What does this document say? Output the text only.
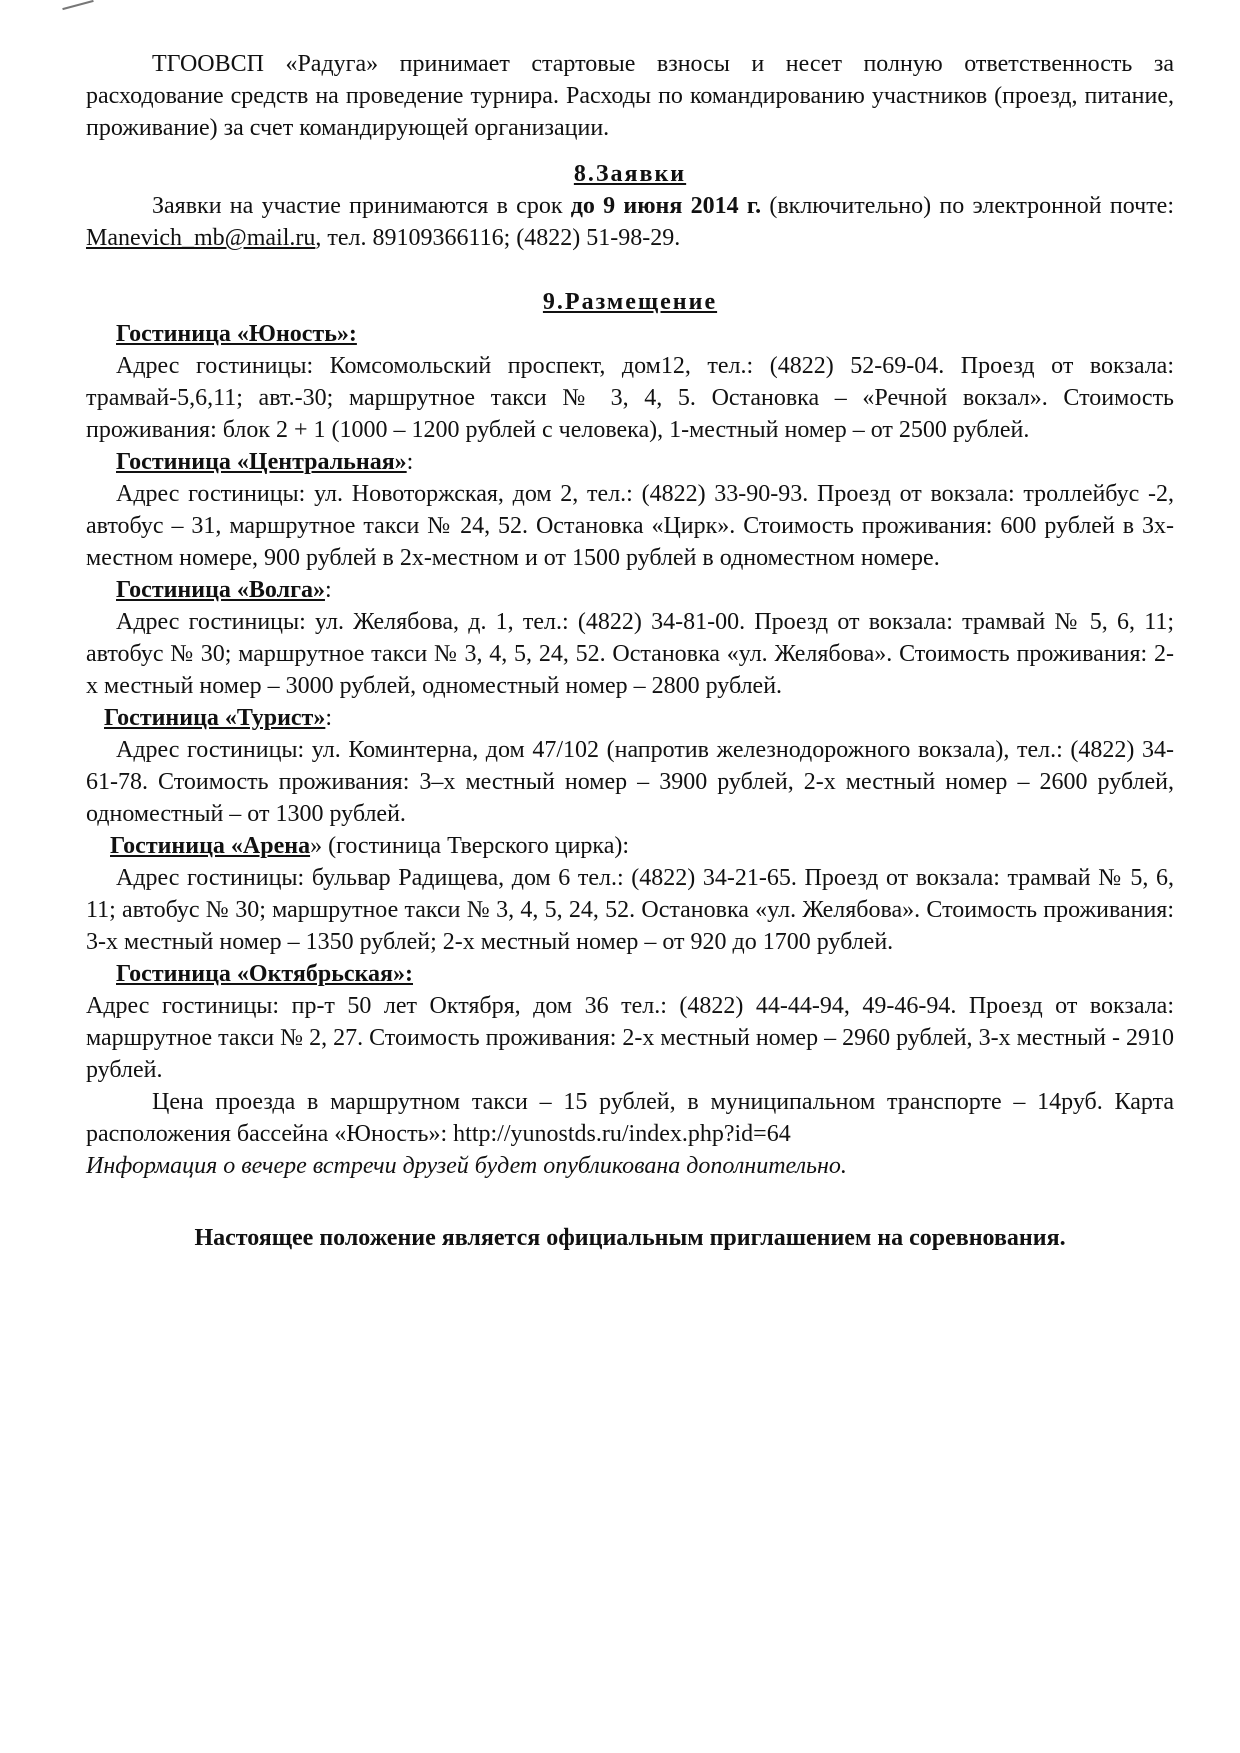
ТГООВСП «Радуга» принимает стартовые взносы и несет полную ответственность за расходование средств на проведение турнира. Расходы по командированию участников (проезд, питание, проживание) за счет командирующей организации.

8.Заявки

Заявки на участие принимаются в срок до 9 июня 2014 г. (включительно) по электронной почте: Manevich_mb@mail.ru, тел. 89109366116; (4822) 51-98-29.

9.Размещение
Гостиница «Юность»:

Адрес гостиницы: Комсомольский проспект, дом12, тел.: (4822) 52-69-04. Проезд от вокзала: трамвай-5,6,11; авт.-30; маршрутное такси № 3, 4, 5. Остановка – «Речной вокзал». Стоимость проживания: блок 2 + 1 (1000 – 1200 рублей с человека), 1-местный номер – от 2500 рублей.

Гостиница «Центральная»:

Адрес гостиницы: ул. Новоторжская, дом 2, тел.: (4822) 33-90-93. Проезд от вокзала: троллейбус -2, автобус – 31, маршрутное такси № 24, 52. Остановка «Цирк». Стоимость проживания: 600 рублей в 3х-местном номере, 900 рублей в 2х-местном и от 1500 рублей в одноместном номере.

Гостиница «Волга»:

Адрес гостиницы: ул. Желябова, д. 1, тел.: (4822) 34-81-00. Проезд от вокзала: трамвай № 5, 6, 11; автобус № 30; маршрутное такси № 3, 4, 5, 24, 52. Остановка «ул. Желябова». Стоимость проживания: 2- х местный номер – 3000 рублей, одноместный номер – 2800 рублей.

Гостиница «Турист»:

Адрес гостиницы: ул. Коминтерна, дом 47/102 (напротив железнодорожного вокзала), тел.: (4822) 34-61-78. Стоимость проживания: 3–х местный номер – 3900 рублей, 2-х местный номер – 2600 рублей, одноместный – от 1300 рублей.

Гостиница «Арена» (гостиница Тверского цирка):

Адрес гостиницы: бульвар Радищева, дом 6 тел.: (4822) 34-21-65. Проезд от вокзала: трамвай № 5, 6, 11; автобус № 30; маршрутное такси № 3, 4, 5, 24, 52. Остановка «ул. Желябова». Стоимость проживания: 3-х местный номер – 1350 рублей; 2-х местный номер – от 920 до 1700 рублей.

Гостиница «Октябрьская»:

Адрес гостиницы: пр-т 50 лет Октября, дом 36 тел.: (4822) 44-44-94, 49-46-94. Проезд от вокзала: маршрутное такси № 2, 27. Стоимость проживания: 2-х местный номер – 2960 рублей, 3-х местный - 2910 рублей.

Цена проезда в маршрутном такси – 15 рублей, в муниципальном транспорте – 14руб. Карта расположения бассейна «Юность»: http://yunostds.ru/index.php?id=64

Информация о вечере встречи друзей будет опубликована дополнительно.

Настоящее положение является официальным приглашением на соревнования.
